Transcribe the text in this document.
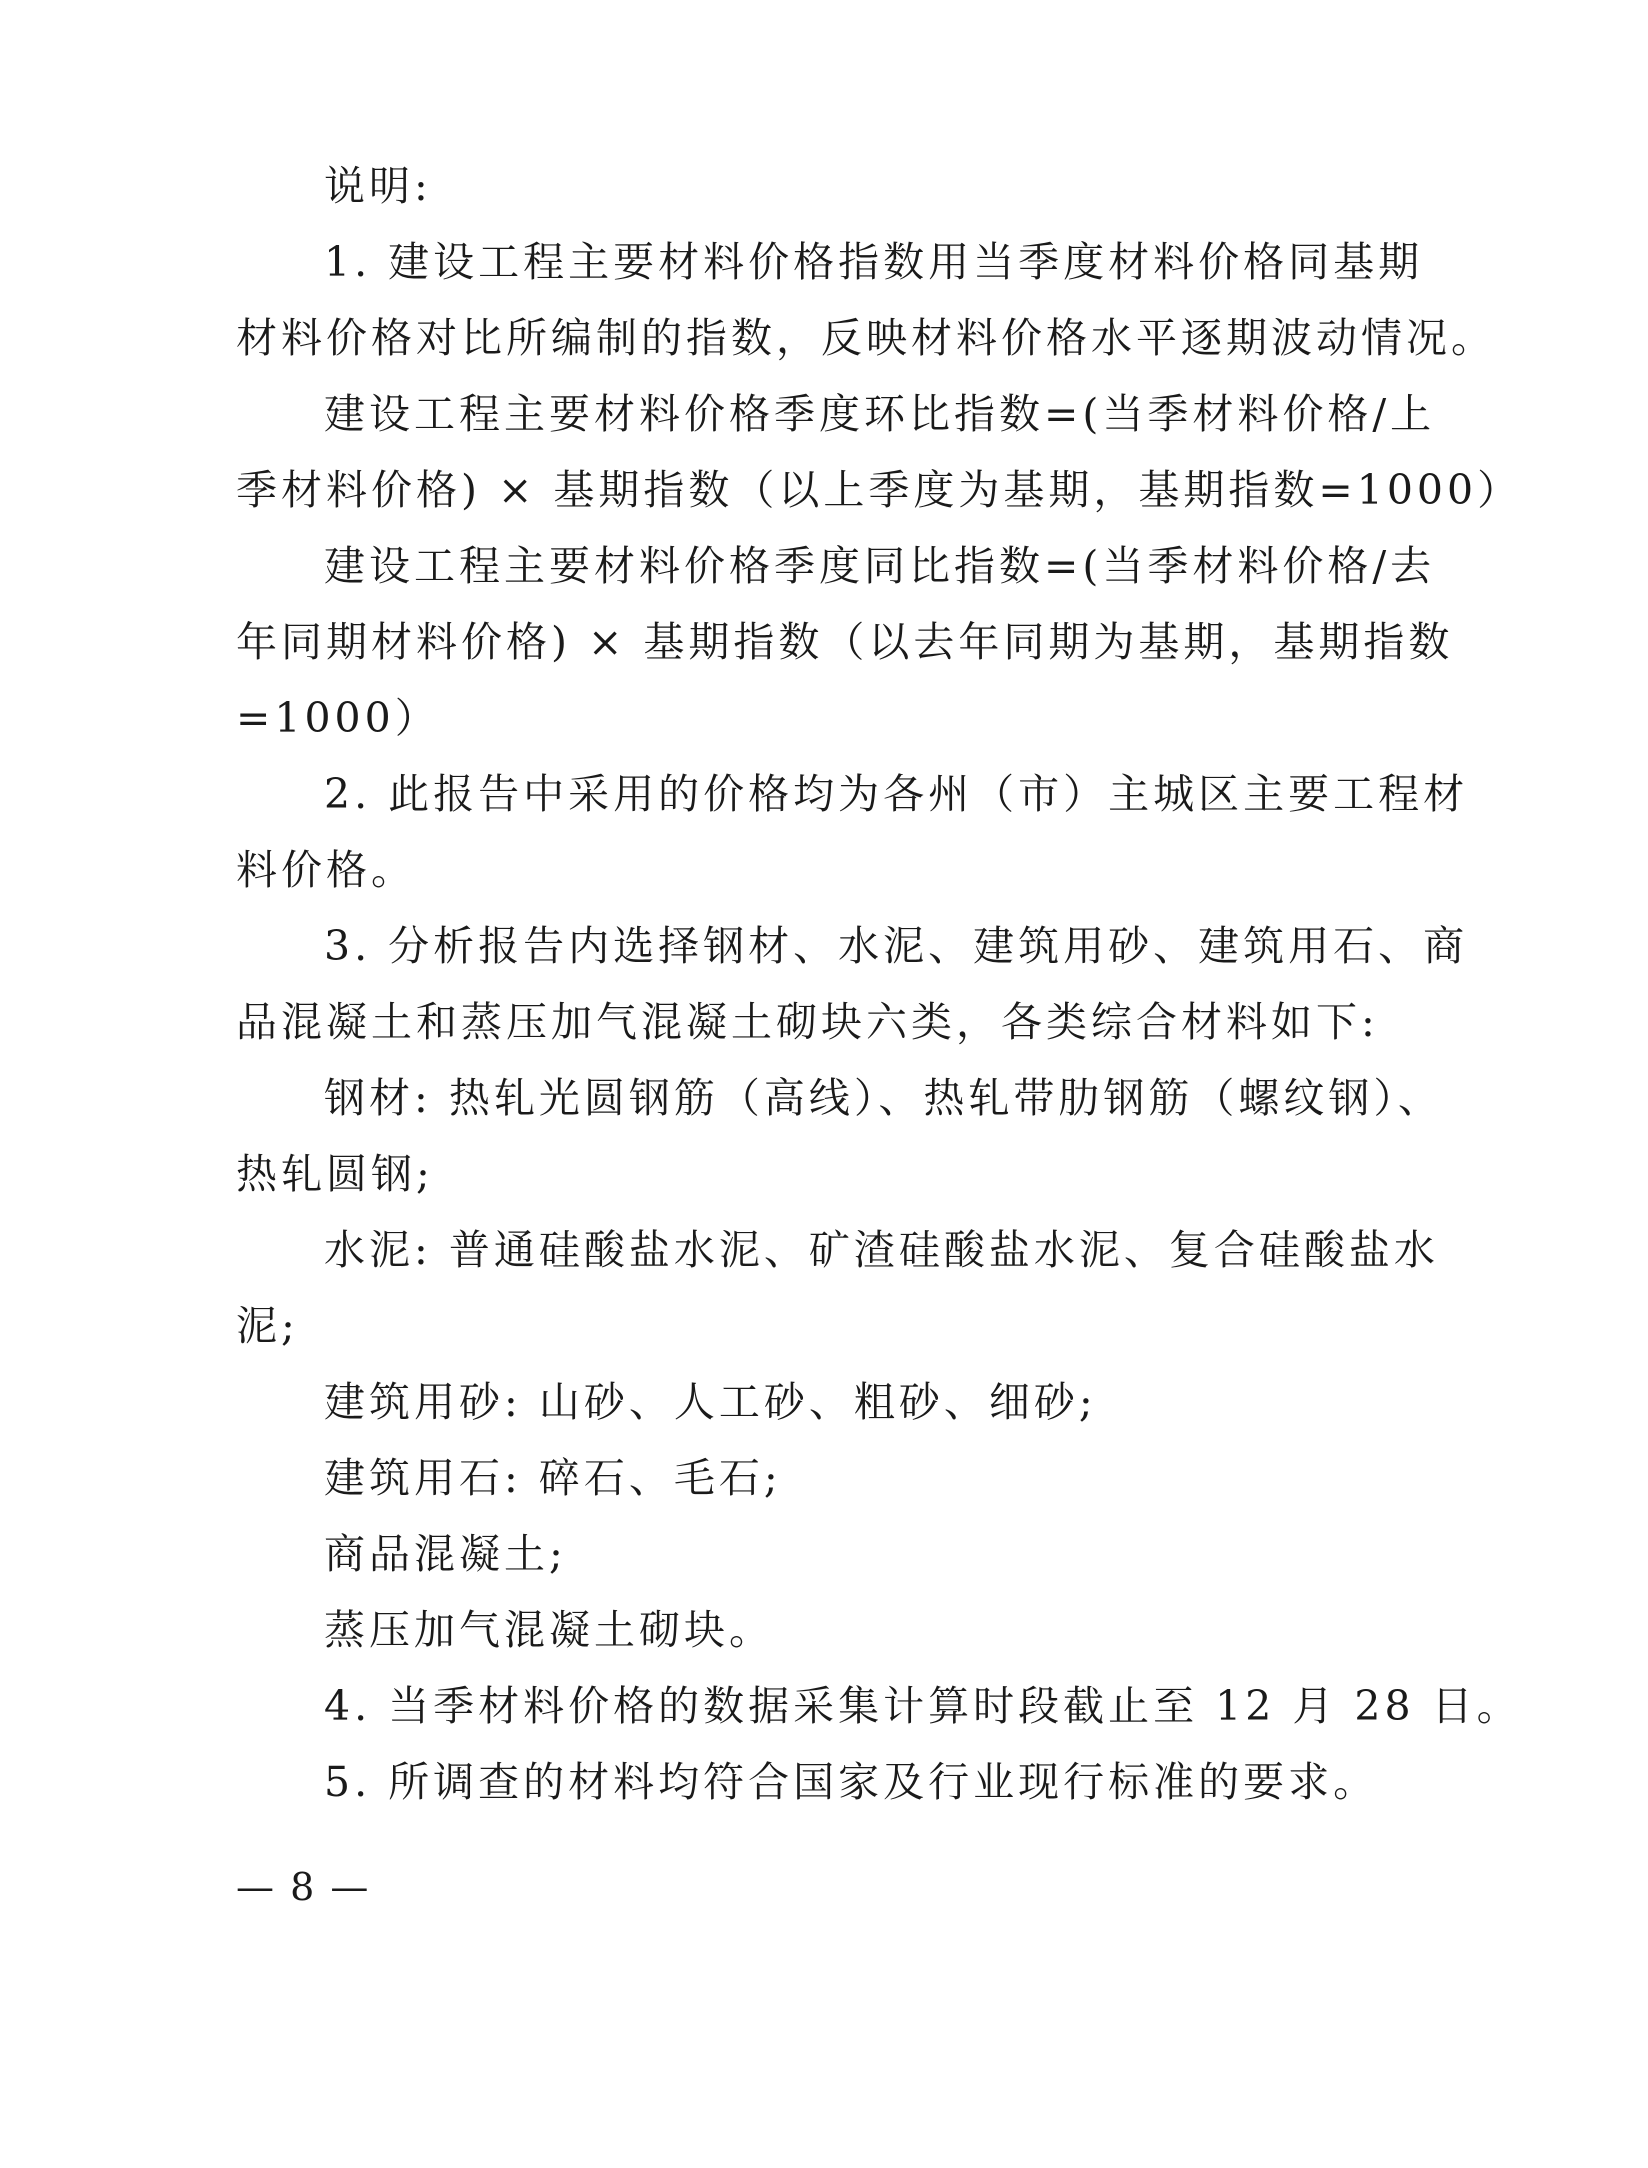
说明:
1. 建设工程主要材料价格指数用当季度材料价格同基期
材料价格对比所编制的指数，反映材料价格水平逐期波动情况。
建设工程主要材料价格季度环比指数=(当季材料价格/上
季材料价格) × 基期指数（以上季度为基期，基期指数=1000）
建设工程主要材料价格季度同比指数=(当季材料价格/去
年同期材料价格) × 基期指数（以去年同期为基期，基期指数
=1000）
2. 此报告中采用的价格均为各州（市）主城区主要工程材
料价格。
3. 分析报告内选择钢材、水泥、建筑用砂、建筑用石、商
品混凝土和蒸压加气混凝土砌块六类，各类综合材料如下:
钢材: 热轧光圆钢筋（高线）、热轧带肋钢筋（螺纹钢）、
热轧圆钢;
水泥: 普通硅酸盐水泥、矿渣硅酸盐水泥、复合硅酸盐水
泥;
建筑用砂: 山砂、人工砂、粗砂、细砂;
建筑用石: 碎石、毛石;
商品混凝土;
蒸压加气混凝土砌块。
4. 当季材料价格的数据采集计算时段截止至 12 月 28 日。
5. 所调查的材料均符合国家及行业现行标准的要求。
— 8 —
